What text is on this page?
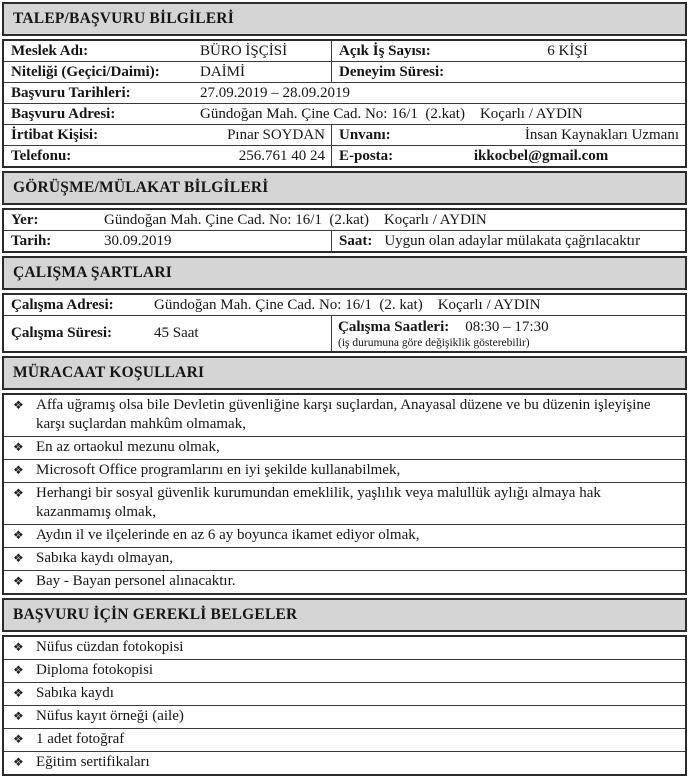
TALEP/BAŞVURU BİLGİLERİ
Meslek Adı:	BÜRO İŞÇİSİ	Açık İş Sayısı:	6 KİŞİ
Niteliği (Geçici/Daimi):	DAİMİ	Deneyim Süresi:
Başvuru Tarihleri:	27.09.2019 – 28.09.2019
Başvuru Adresi:	Gündoğan Mah. Çine Cad. No: 16/1  (2.kat)    Koçarlı / AYDIN
İrtibat Kişisi:	Pınar SOYDAN Unvanı:	İnsan Kaynakları Uzmanı
Telefonu:	256.761 40 24 E-posta:	ikkocbel@gmail.com
GÖRÜŞME/MÜLAKAT BİLGİLERİ
Yer:	Gündoğan Mah. Çine Cad. No: 16/1  (2.kat)    Koçarlı / AYDIN
Tarih:	30.09.2019	Saat: Uygun olan adaylar mülakata çağrılacaktır
ÇALIŞMA ŞARTLARI
Çalışma Adresi:	Gündoğan Mah. Çine Cad. No: 16/1  (2. kat)    Koçarlı / AYDIN
Çalışma Süresi:	45 Saat	Çalışma Saatleri: 08:30 – 17:30
(iş durumuna göre değişiklik gösterebilir)
MÜRACAAT KOŞULLARI
❖ Affa uğramış olsa bile Devletin güvenliğine karşı suçlardan, Anayasal düzene ve bu düzenin işleyişine karşı suçlardan mahkûm olmamak,
❖ En az ortaokul mezunu olmak,
❖ Microsoft Office programlarını en iyi şekilde kullanabilmek,
❖ Herhangi bir sosyal güvenlik kurumundan emeklilik, yaşlılık veya malullük aylığı almaya hak kazanmamış olmak,
❖ Aydın il ve ilçelerinde en az 6 ay boyunca ikamet ediyor olmak,
❖ Sabıka kaydı olmayan,
❖ Bay - Bayan personel alınacaktır.
BAŞVURU İÇİN GEREKLİ BELGELER
❖ Nüfus cüzdan fotokopisi
❖ Diploma fotokopisi
❖ Sabıka kaydı
❖ Nüfus kayıt örneği (aile)
❖ 1 adet fotoğraf
❖ Eğitim sertifikaları
